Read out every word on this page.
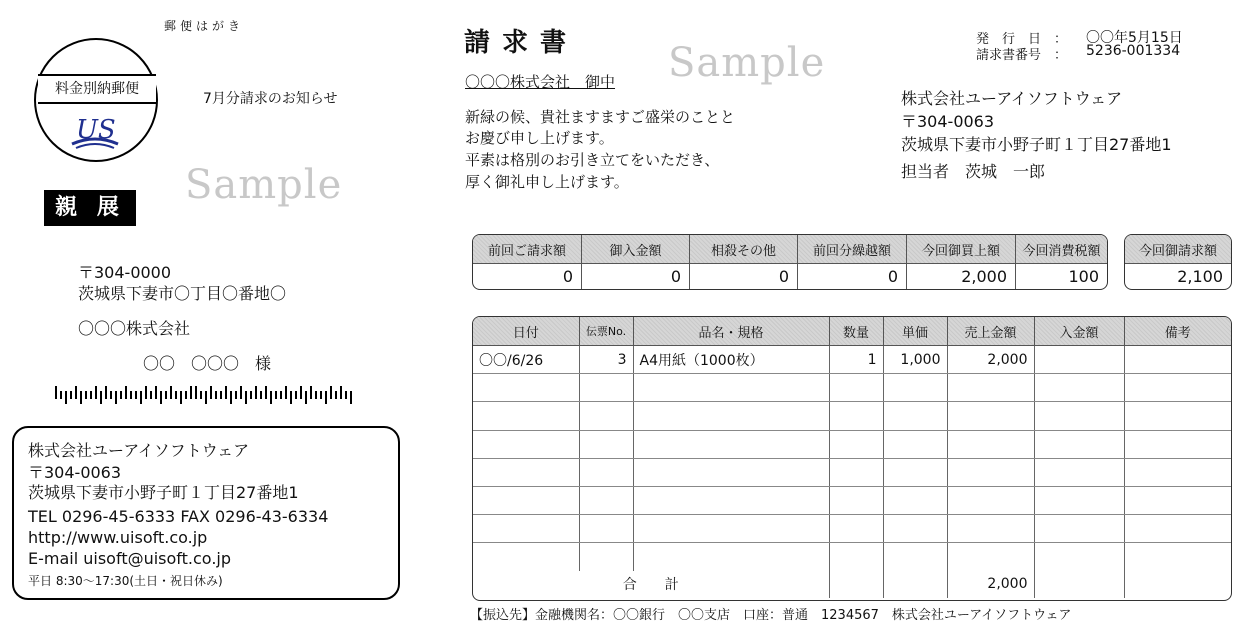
郵便はがき
料金別納郵便
US
7月分請求のお知らせ
Sample
親 展
〒304-0000
茨城県下妻市〇丁目〇番地〇
〇〇〇株式会社
〇〇　〇〇〇　様
株式会社ユーアイソフトウェア
〒304-0063
茨城県下妻市小野子町１丁目27番地1
TEL 0296-45-6333 FAX 0296-43-6334
http://www.uisoft.co.jp
E-mail uisoft@uisoft.co.jp
平日 8:30～17:30(土日・祝日休み)
請求書 Sample
発　行　日　： 〇〇年5月15日
請求書番号　： 5236-001334
〇〇〇株式会社　御中
新緑の候、貴社ますますご盛栄のことと
お慶び申し上げます。
平素は格別のお引き立てをいただき、
厚く御礼申し上げます。
株式会社ユーアイソフトウェア
〒304-0063
茨城県下妻市小野子町１丁目27番地1
担当者　茨城　一郎
前回ご請求額	御入金額	相殺その他	前回分繰越額	今回御買上額	今回消費税額
0	0	0	0	2,000	100
今回御請求額
2,100
日付	伝票No.	品名・規格	数量	単価	売上金額	入金額	備考
〇〇/6/26	3	A4用紙（1000枚）	1	1,000	2,000		

合　　計					2,000		
【振込先】金融機関名：〇〇銀行　〇〇支店　口座：普通　1234567　株式会社ユーアイソフトウェア
